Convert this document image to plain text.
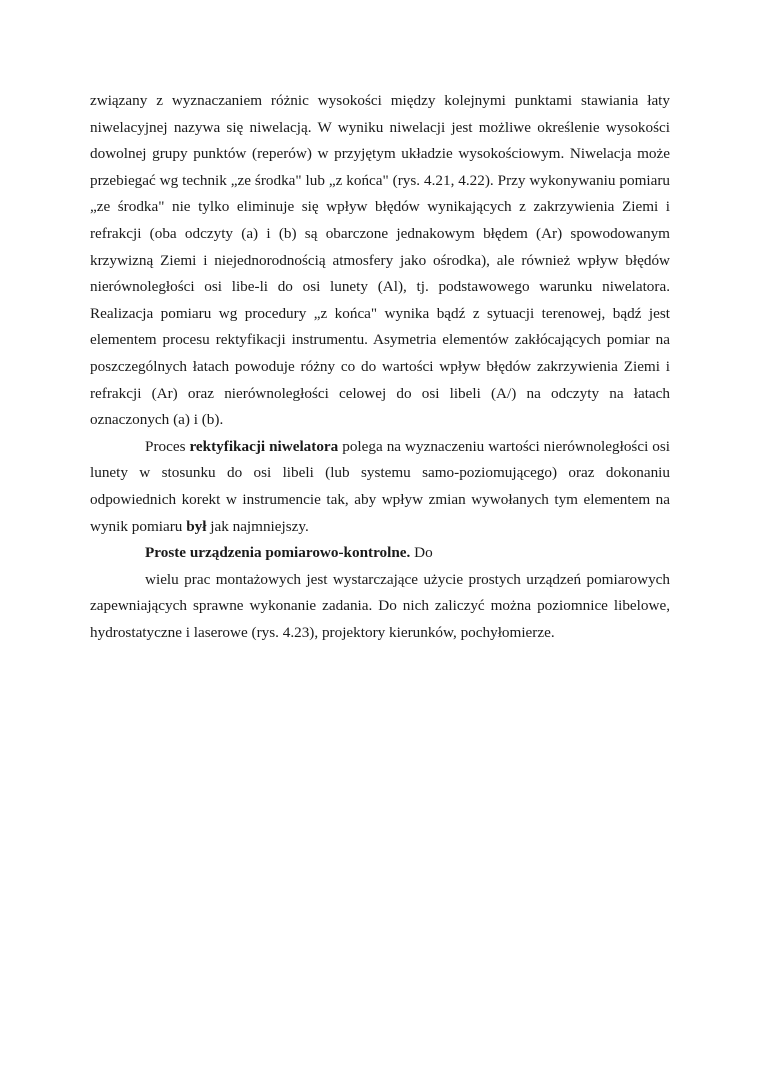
związany z wyznaczaniem różnic wysokości między kolejnymi punktami stawiania łaty niwelacyjnej nazywa się niwelacją. W wyniku niwelacji jest możliwe określenie wysokości dowolnej grupy punktów (reperów) w przyjętym układzie wysokościowym. Niwelacja może przebiegać wg technik „ze środka" lub „z końca" (rys. 4.21, 4.22). Przy wykonywaniu pomiaru „ze środka" nie tylko eliminuje się wpływ błędów wynikających z zakrzywienia Ziemi i refrakcji (oba odczyty (a) i (b) są obarczone jednakowym błędem (Ar) spowodowanym krzywizną Ziemi i niejednorodnością atmosfery jako ośrodka), ale również wpływ błędów nierównoległości osi libe-li do osi lunety (Al), tj. podstawowego warunku niwelatora. Realizacja pomiaru wg procedury „z końca" wynika bądź z sytuacji terenowej, bądź jest elementem procesu rektyfikacji instrumentu. Asymetria elementów zakłócających pomiar na poszczególnych łatach powoduje różny co do wartości wpływ błędów zakrzywienia Ziemi i refrakcji (Ar) oraz nierównoległości celowej do osi libeli (A/) na odczyty na łatach oznaczonych (a) i (b).

Proces rektyfikacji niwelatora polega na wyznaczeniu wartości nierównoległości osi lunety w stosunku do osi libeli (lub systemu samo-poziomującego) oraz dokonaniu odpowiednich korekt w instrumencie tak, aby wpływ zmian wywołanych tym elementem na wynik pomiaru był jak najmniejszy.

Proste urządzenia pomiarowo-kontrolne. Do

wielu prac montażowych jest wystarczające użycie prostych urządzeń pomiarowych zapewniających sprawne wykonanie zadania. Do nich zaliczyć można poziomnice libelowe, hydrostatyczne i laserowe (rys. 4.23), projektory kierunków, pochyłomierze.
